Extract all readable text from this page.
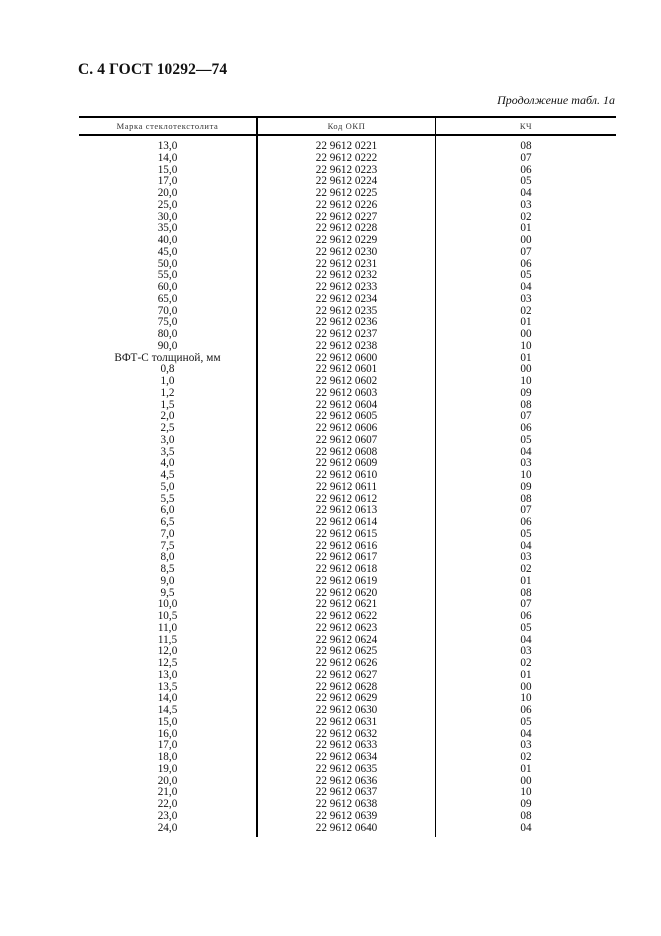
С. 4 ГОСТ 10292—74
Продолжение табл. 1а
Марка стеклотекстолита	Код ОКП	КЧ
13,0
14,0
15,0
17,0
20,0
25,0
30,0
35,0
40,0
45,0
50,0
55,0
60,0
65,0
70,0
75,0
80,0
90,0
ВФТ-С толщиной, мм
0,8
1,0
1,2
1,5
2,0
2,5
3,0
3,5
4,0
4,5
5,0
5,5
6,0
6,5
7,0
7,5
8,0
8,5
9,0
9,5
10,0
10,5
11,0
11,5
12,0
12,5
13,0
13,5
14,0
14,5
15,0
16,0
17,0
18,0
19,0
20,0
21,0
22,0
23,0
24,0
22 9612 0221
22 9612 0222
22 9612 0223
22 9612 0224
22 9612 0225
22 9612 0226
22 9612 0227
22 9612 0228
22 9612 0229
22 9612 0230
22 9612 0231
22 9612 0232
22 9612 0233
22 9612 0234
22 9612 0235
22 9612 0236
22 9612 0237
22 9612 0238
22 9612 0600
22 9612 0601
22 9612 0602
22 9612 0603
22 9612 0604
22 9612 0605
22 9612 0606
22 9612 0607
22 9612 0608
22 9612 0609
22 9612 0610
22 9612 0611
22 9612 0612
22 9612 0613
22 9612 0614
22 9612 0615
22 9612 0616
22 9612 0617
22 9612 0618
22 9612 0619
22 9612 0620
22 9612 0621
22 9612 0622
22 9612 0623
22 9612 0624
22 9612 0625
22 9612 0626
22 9612 0627
22 9612 0628
22 9612 0629
22 9612 0630
22 9612 0631
22 9612 0632
22 9612 0633
22 9612 0634
22 9612 0635
22 9612 0636
22 9612 0637
22 9612 0638
22 9612 0639
22 9612 0640
08
07
06
05
04
03
02
01
00
07
06
05
04
03
02
01
00
10
01
00
10
09
08
07
06
05
04
03
10
09
08
07
06
05
04
03
02
01
08
07
06
05
04
03
02
01
00
10
06
05
04
03
02
01
00
10
09
08
04
